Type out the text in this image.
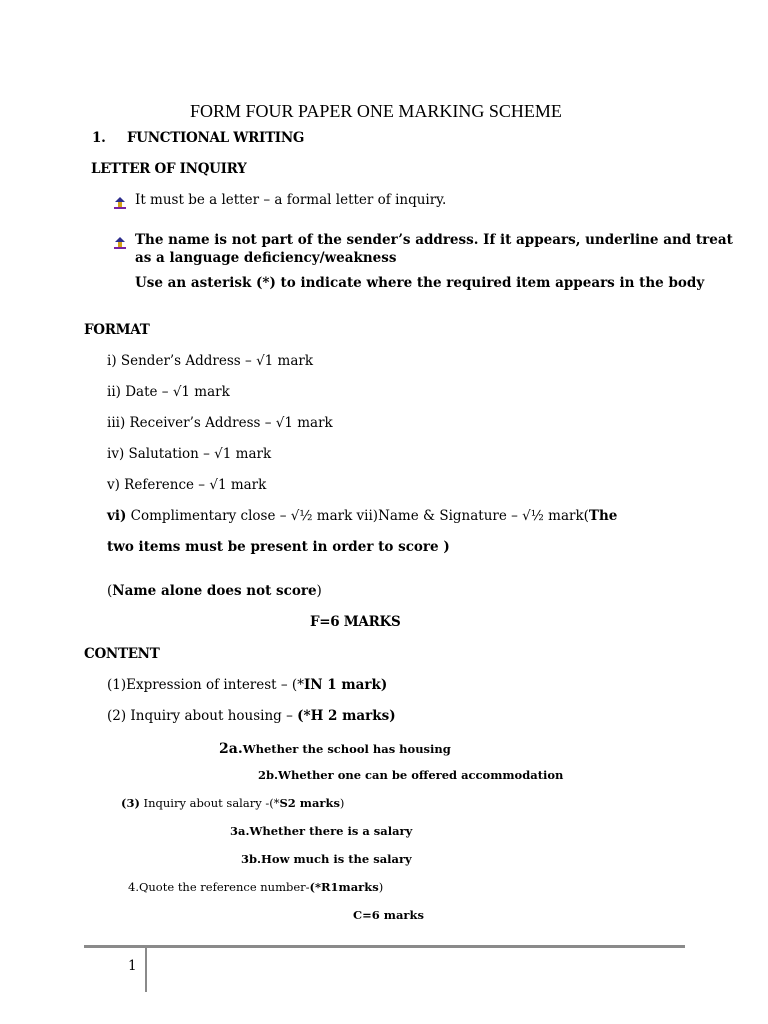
FORM FOUR PAPER ONE MARKING SCHEME
1. FUNCTIONAL WRITING
LETTER OF INQUIRY
It must be a letter – a formal letter of inquiry.
The name is not part of the sender’s address. If it appears, underline and treat
as a language deficiency/weakness
Use an asterisk (*) to indicate where the required item appears in the body
FORMAT
i) Sender’s Address – √1 mark
ii) Date – √1 mark
iii) Receiver’s Address – √1 mark
iv) Salutation – √1 mark
v) Reference – √1 mark
vi) Complimentary close – √½ mark vii)Name & Signature – √½ mark(The
two items must be present in order to score )
(Name alone does not score)
F=6 MARKS
CONTENT
(1)Expression of interest – (*IN 1 mark)
(2) Inquiry about housing – (*H 2 marks)
2a.Whether the school has housing
2b.Whether one can be offered accommodation
(3) Inquiry about salary -(*S2 marks)
3a.Whether there is a salary
3b.How much is the salary
4.Quote the reference number-(*R1marks)
C=6 marks
1
